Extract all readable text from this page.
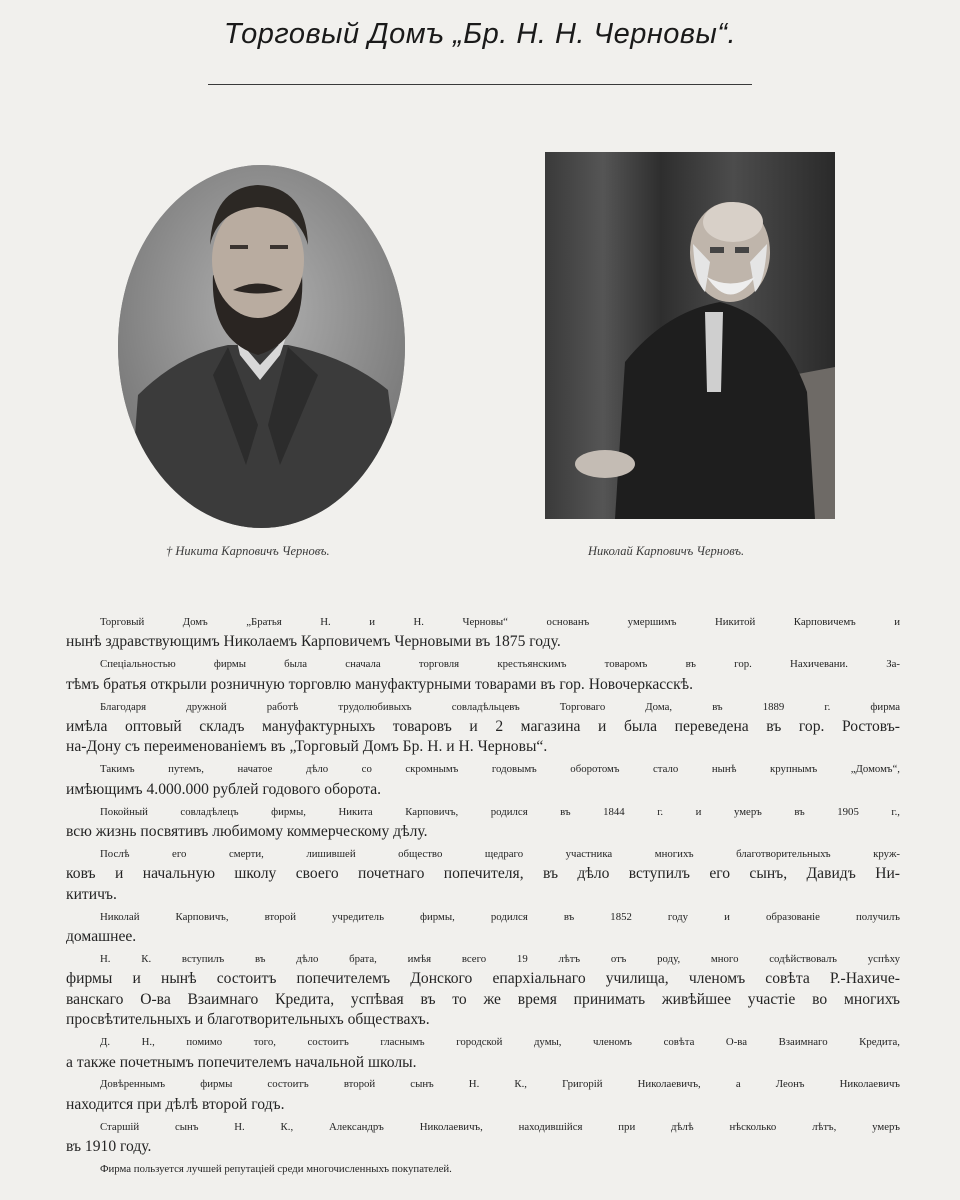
Торговый Домъ „Бр. Н. Н. Черновы“.
† Никита Карповичъ Черновъ.	Николай Карповичъ Черновъ.
Торговый Домъ „Братья Н. и Н. Черновы“ основанъ умершимъ Никитой Карповичемъ и
нынѣ здравствующимъ Николаемъ Карповичемъ Черновыми въ 1875 году.
Спеціальностью фирмы была сначала торговля крестьянскимъ товаромъ въ гор. Нахичевани. За-
тѣмъ братья открыли розничную торговлю мануфактурными товарами въ гор. Новочеркасскѣ.
Благодаря дружной работѣ трудолюбивыхъ совладѣльцевъ Торговаго Дома, въ 1889 г. фирма
имѣла оптовый складъ мануфактурныхъ товаровъ и 2 магазина и была переведена въ гор. Ростовъ-
на-Дону съ переименованіемъ въ „Торговый Домъ Бр. Н. и Н. Черновы“.
Такимъ путемъ, начатое дѣло со скромнымъ годовымъ оборотомъ стало нынѣ крупнымъ „Домомъ“,
имѣющимъ 4.000.000 рублей годового оборота.
Покойный совладѣлецъ фирмы, Никита Карповичъ, родился въ 1844 г. и умеръ въ 1905 г.,
всю жизнь посвятивъ любимому коммерческому дѣлу.
Послѣ его смерти, лишившей общество щедраго участника многихъ благотворительныхъ круж-
ковъ и начальную школу своего почетнаго попечителя, въ дѣло вступилъ его сынъ, Давидъ Ни-
китичъ.
Николай Карповичъ, второй учредитель фирмы, родился въ 1852 году и образованіе получилъ
домашнее.
Н. К. вступилъ въ дѣло брата, имѣя всего 19 лѣтъ отъ роду, много содѣйствовалъ успѣху
фирмы и нынѣ состоитъ попечителемъ Донского епархіальнаго училища, членомъ совѣта Р.-Нахиче-
ванскаго О-ва Взаимнаго Кредита, успѣвая въ то же время принимать живѣйшее участіе во многихъ
просвѣтительныхъ и благотворительныхъ обществахъ.
Д. Н., помимо того, состоитъ гласнымъ городской думы, членомъ совѣта О-ва Взаимнаго Кредита,
а также почетнымъ попечителемъ начальной школы.
Довѣреннымъ фирмы состоитъ второй сынъ Н. К., Григорій Николаевичъ, а Леонъ Николаевичъ
находится при дѣлѣ второй годъ.
Старшій сынъ Н. К., Александръ Николаевичъ, находившійся при дѣлѣ нѣсколько лѣтъ, умеръ
въ 1910 году.
Фирма пользуется лучшей репутаціей среди многочисленныхъ покупателей.
